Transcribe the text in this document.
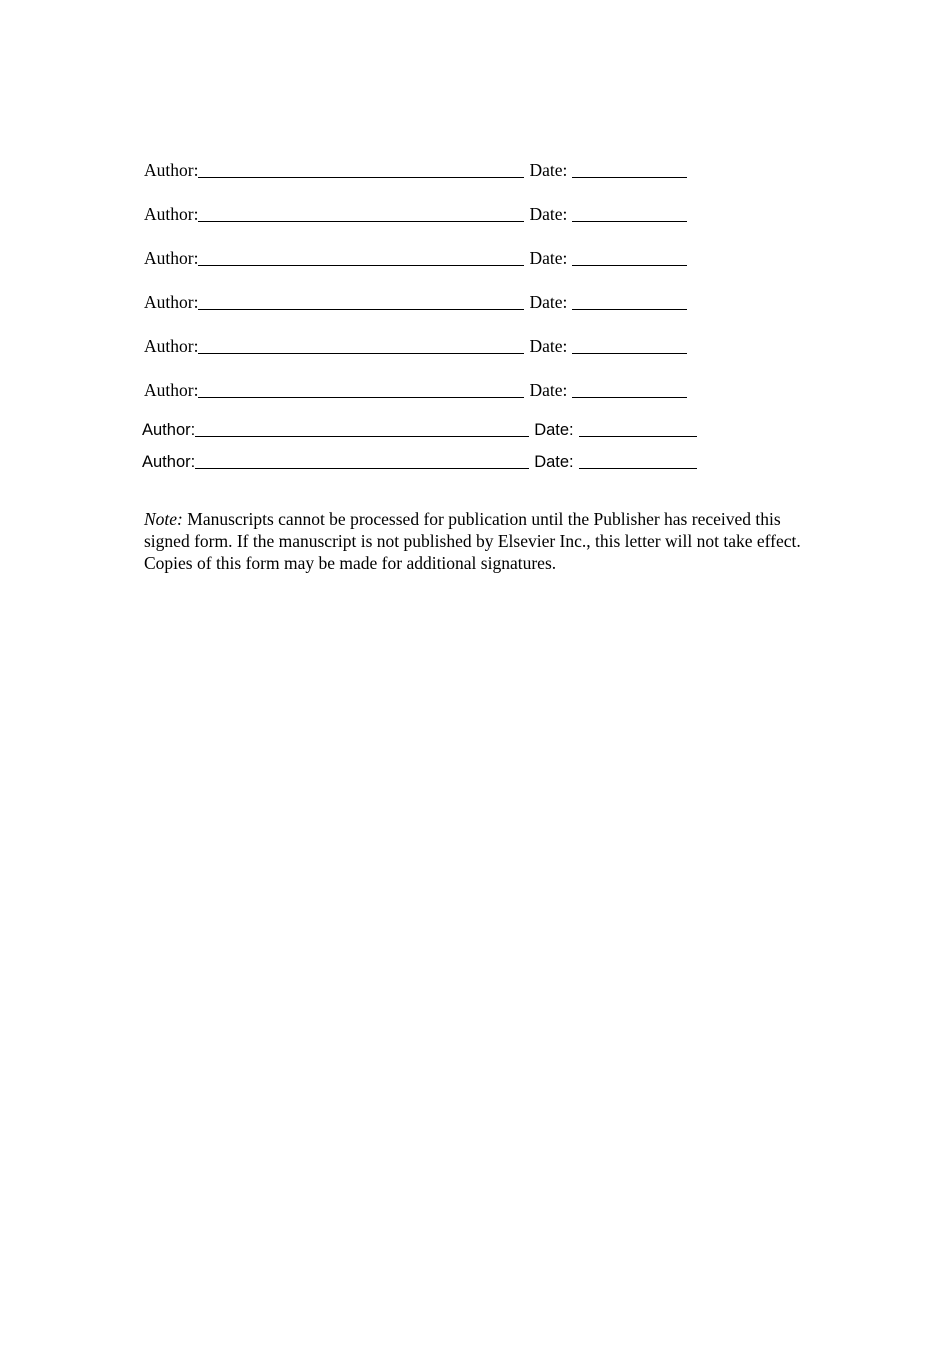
Author:	Date:
Author:	Date:
Author:	Date:
Author:	Date:
Author:	Date:
Author:	Date:
Author:	Date:
Author:	Date:

Note: Manuscripts cannot be processed for publication until the Publisher has received this signed form. If the manuscript is not published by Elsevier Inc., this letter will not take effect. Copies of this form may be made for additional signatures.
